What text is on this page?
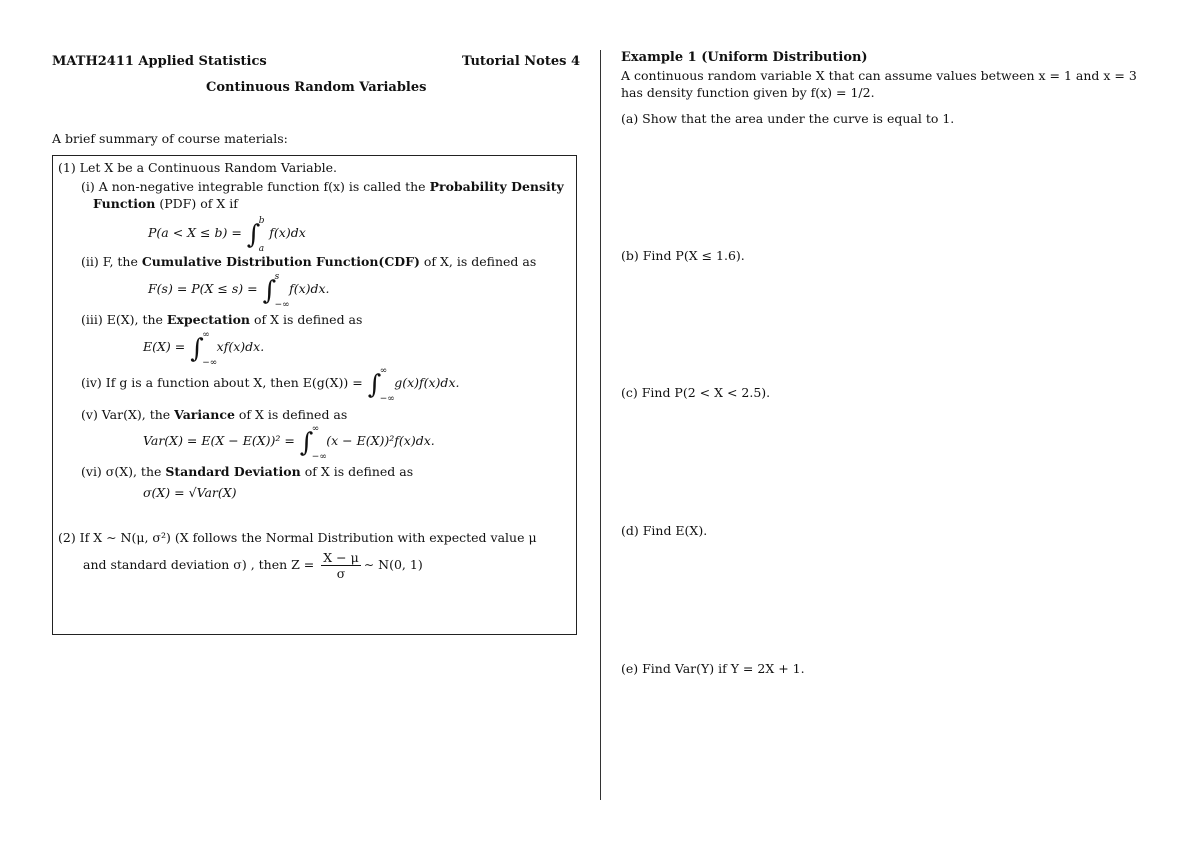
MATH2411 Applied Statistics	Tutorial Notes 4
Continuous Random Variables
A brief summary of course materials:
(1) Let X be a Continuous Random Variable.
(i) A non-negative integrable function f(x) is called the Probability Density
Function (PDF) of X if
P(a < X ≤ b) = ∫
b
a
f(x)dx
(ii) F, the Cumulative Distribution Function(CDF) of X, is defined as
F(s) = P(X ≤ s) = ∫
s
−∞
f(x)dx.
(iii) E(X), the Expectation of X is defined as
E(X) = ∫
∞
−∞
xf(x)dx.
(iv) If g is a function about X, then E(g(X)) = ∫
∞
−∞
g(x)f(x)dx.
(v) Var(X), the Variance of X is defined as
Var(X) = E(X − E(X))² = ∫
∞
−∞
(x − E(X))²f(x)dx.
(vi) σ(X), the Standard Deviation of X is defined as
σ(X) = √Var(X)
(2) If X ∼ N(μ, σ²) (X follows the Normal Distribution with expected value μ
and standard deviation σ) , then $Z = \frac{X - \mu}{\sigma}$ ∼ N(0, 1)
Example 1 (Uniform Distribution)
A continuous random variable X that can assume values between x = 1 and x = 3
has density function given by f(x) = 1/2.
(a) Show that the area under the curve is equal to 1.
(b) Find P(X ≤ 1.6).
(c) Find P(2 < X < 2.5).
(d) Find E(X).
(e) Find Var(Y) if Y = 2X + 1.
